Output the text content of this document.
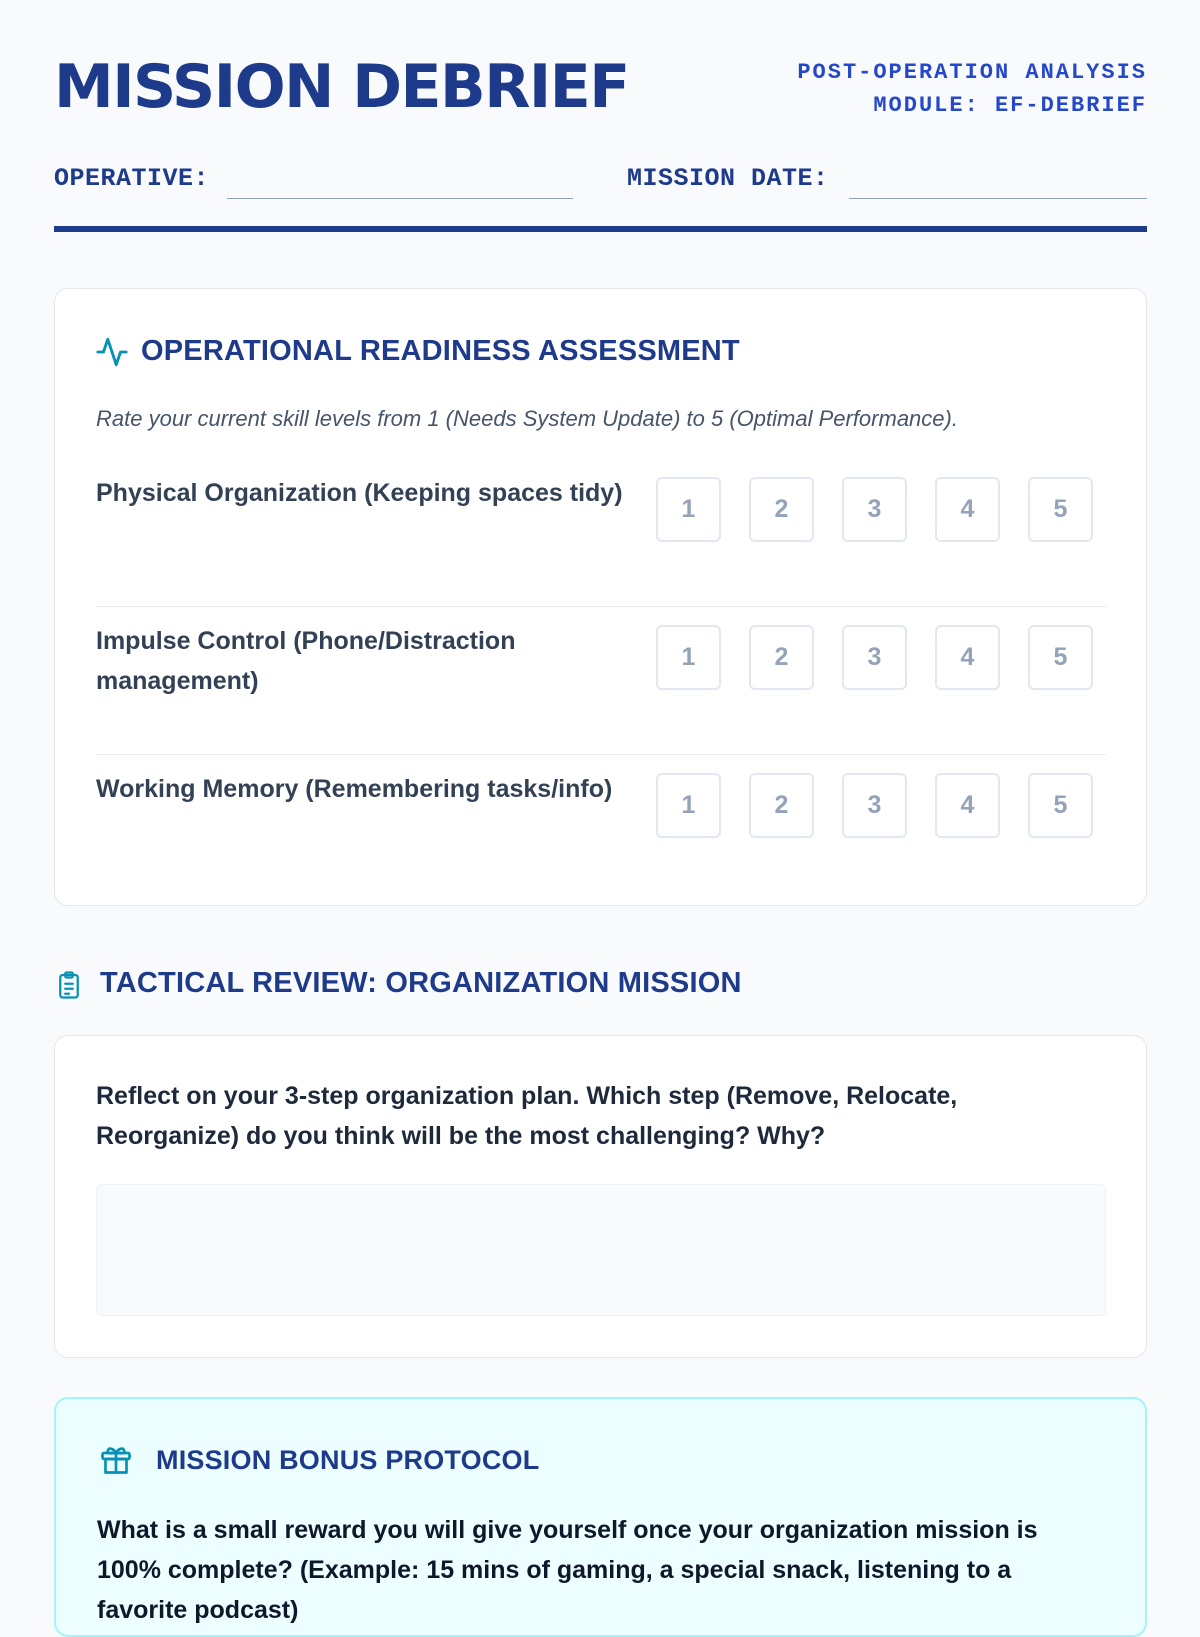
MISSION DEBRIEF	POST-OPERATION ANALYSIS
MODULE: EF-DEBRIEF
OPERATIVE:	MISSION DATE:
OPERATIONAL READINESS ASSESSMENT
Rate your current skill levels from 1 (Needs System Update) to 5 (Optimal Performance).
Physical Organization (Keeping spaces tidy)
1	2	3	4	5
Impulse Control (Phone/Distraction management)
1	2	3	4	5
Working Memory (Remembering tasks/info)
1	2	3	4	5
TACTICAL REVIEW: ORGANIZATION MISSION
Reflect on your 3-step organization plan. Which step (Remove, Relocate, Reorganize) do you think will be the most challenging? Why?
MISSION BONUS PROTOCOL
What is a small reward you will give yourself once your organization mission is 100% complete? (Example: 15 mins of gaming, a special snack, listening to a favorite podcast)
